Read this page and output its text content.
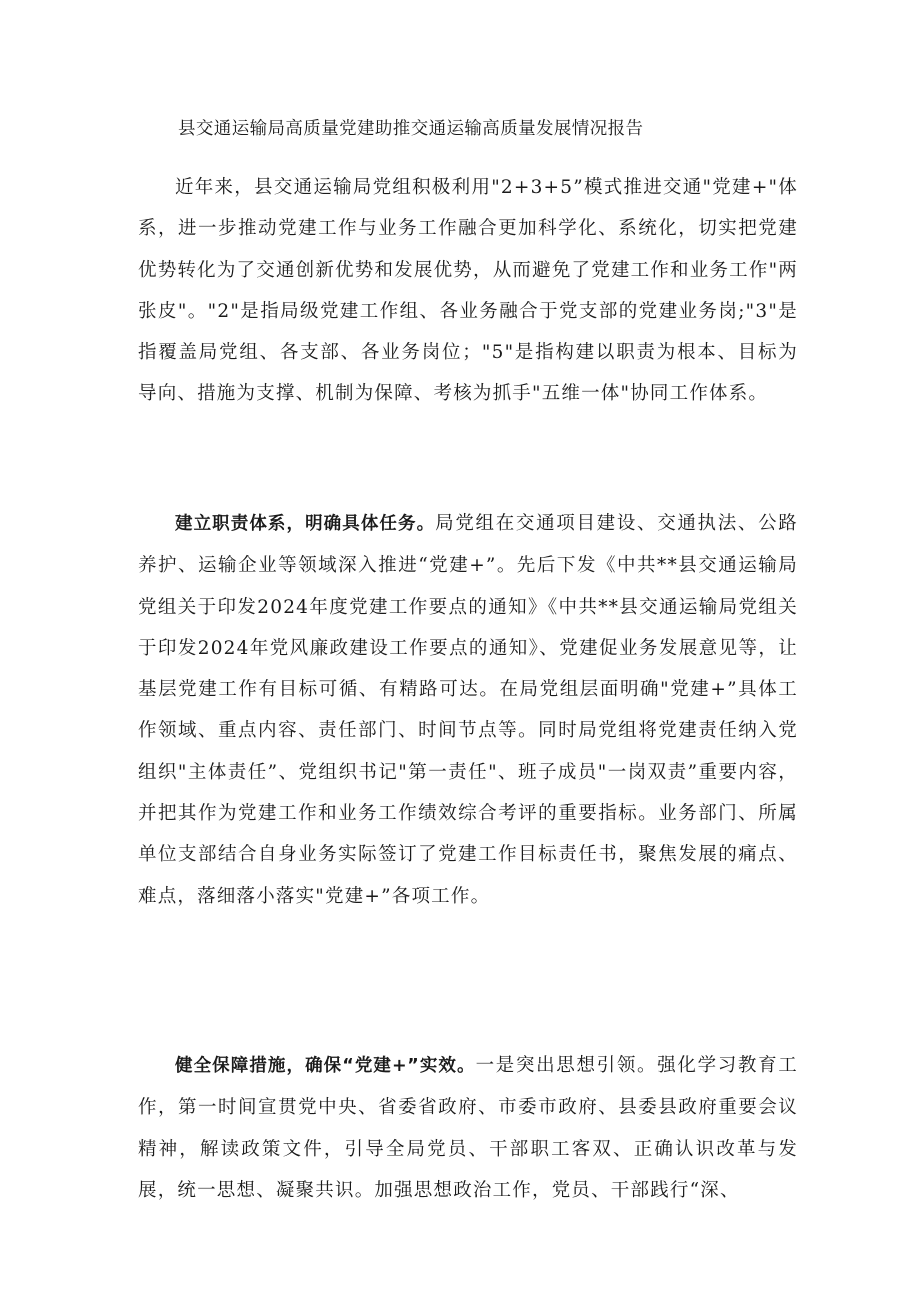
县交通运输局高质量党建助推交通运输高质量发展情况报告

近年来，县交通运输局党组积极利用"2+3+5”模式推进交通"党建+"体系，进一步推动党建工作与业务工作融合更加科学化、系统化，切实把党建优势转化为了交通创新优势和发展优势，从而避免了党建工作和业务工作"两张皮"。"2"是指局级党建工作组、各业务融合于党支部的党建业务岗;"3"是指覆盖局党组、各支部、各业务岗位；"5"是指构建以职责为根本、目标为导向、措施为支撑、机制为保障、考核为抓手"五维一体"协同工作体系。

建立职责体系，明确具体任务。局党组在交通项目建设、交通执法、公路养护、运输企业等领域深入推进“党建+”。先后下发《中共**县交通运输局党组关于印发2024年度党建工作要点的通知》《中共**县交通运输局党组关于印发2024年党风廉政建设工作要点的通知》、党建促业务发展意见等，让基层党建工作有目标可循、有精路可达。在局党组层面明确"党建+”具体工作领域、重点内容、责任部门、时间节点等。同时局党组将党建责任纳入党组织"主体责任”、党组织书记"第一责任"、班子成员"一岗双责”重要内容，并把其作为党建工作和业务工作绩效综合考评的重要指标。业务部门、所属单位支部结合自身业务实际签订了党建工作目标责任书，聚焦发展的痛点、难点，落细落小落实"党建+”各项工作。

健全保障措施，确保“党建+”实效。一是突出思想引领。强化学习教育工作，第一时间宣贯党中央、省委省政府、市委市政府、县委县政府重要会议精神，解读政策文件，引导全局党员、干部职工客双、正确认识改革与发展，统一思想、凝聚共识。加强思想政治工作，党员、干部践行“深、
